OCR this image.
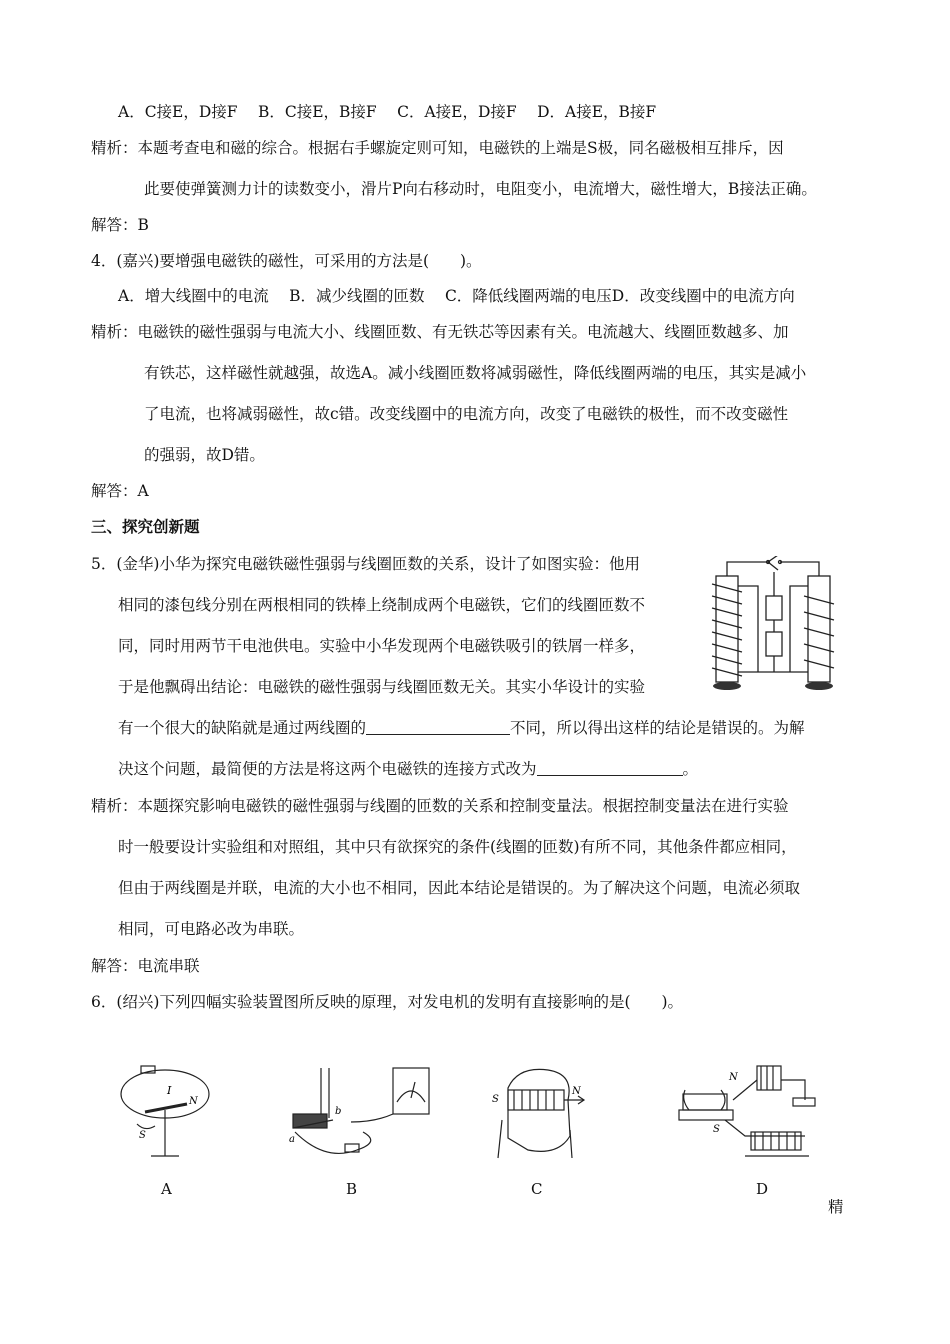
A．C接E，D接F　 B．C接E，B接F　 C．A接E，D接F　 D．A接E，B接F
精析：本题考查电和磁的综合。根据右手螺旋定则可知，电磁铁的上端是S极，同名磁极相互排斥，因
此要使弹簧测力计的读数变小，滑片P向右移动时，电阻变小，电流增大，磁性增大，B接法正确。
解答：B
4．(嘉兴)要增强电磁铁的磁性，可采用的方法是(　　)。
A．增大线圈中的电流　 B．减少线圈的匝数　 C．降低线圈两端的电压D．改变线圈中的电流方向
精析：电磁铁的磁性强弱与电流大小、线圈匝数、有无铁芯等因素有关。电流越大、线圈匝数越多、加
有铁芯，这样磁性就越强，故选A。减小线圈匝数将减弱磁性，降低线圈两端的电压，其实是减小
了电流，也将减弱磁性，故c错。改变线圈中的电流方向，改变了电磁铁的极性，而不改变磁性
的强弱，故D错。
解答：A
三、探究创新题
5．(金华)小华为探究电磁铁磁性强弱与线圈匝数的关系，设计了如图实验：他用
相同的漆包线分别在两根相同的铁棒上绕制成两个电磁铁，它们的线圈匝数不
同，同时用两节干电池供电。实验中小华发现两个电磁铁吸引的铁屑一样多，
于是他飘碍出结论：电磁铁的磁性强弱与线圈匝数无关。其实小华设计的实验
有一个很大的缺陷就是通过两线圈的	不同，所以得出这样的结论是错误的。为解
决这个问题，最简便的方法是将这两个电磁铁的连接方式改为	。
精析：本题探究影响电磁铁的磁性强弱与线圈的匝数的关系和控制变量法。根据控制变量法在进行实验
时一般要设计实验组和对照组，其中只有欲探究的条件(线圈的匝数)有所不同，其他条件都应相同，
但由于两线圈是并联，电流的大小也不相同，因此本结论是错误的。为了解决这个问题，电流必须取
相同，可电路必改为串联。
解答：电流串联
6．(绍兴)下列四幅实验装置图所反映的原理，对发电机的发明有直接影响的是(　　)。
I
N
S	a
b
S
N
N
S
A	B	C	D
精
